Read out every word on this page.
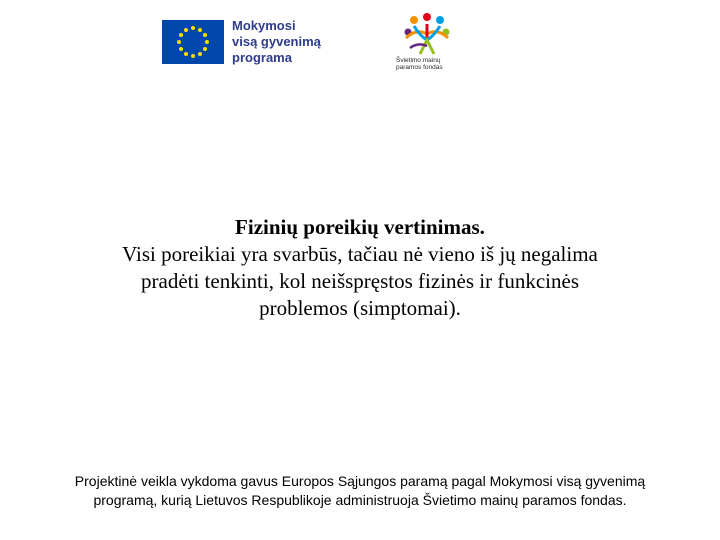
Mokymosi
visą gyvenimą
programa	Švietimo mainų
paramos fondas
Fizinių poreikių vertinimas.
Visi poreikiai yra svarbūs, tačiau nė vieno iš jų negalima
pradėti tenkinti, kol neišspręstos fizinės ir funkcinės
problemos (simptomai).
Projektinė veikla vykdoma gavus Europos Sąjungos paramą pagal Mokymosi visą gyvenimą
programą, kurią Lietuvos Respublikoje administruoja Švietimo mainų paramos fondas.
